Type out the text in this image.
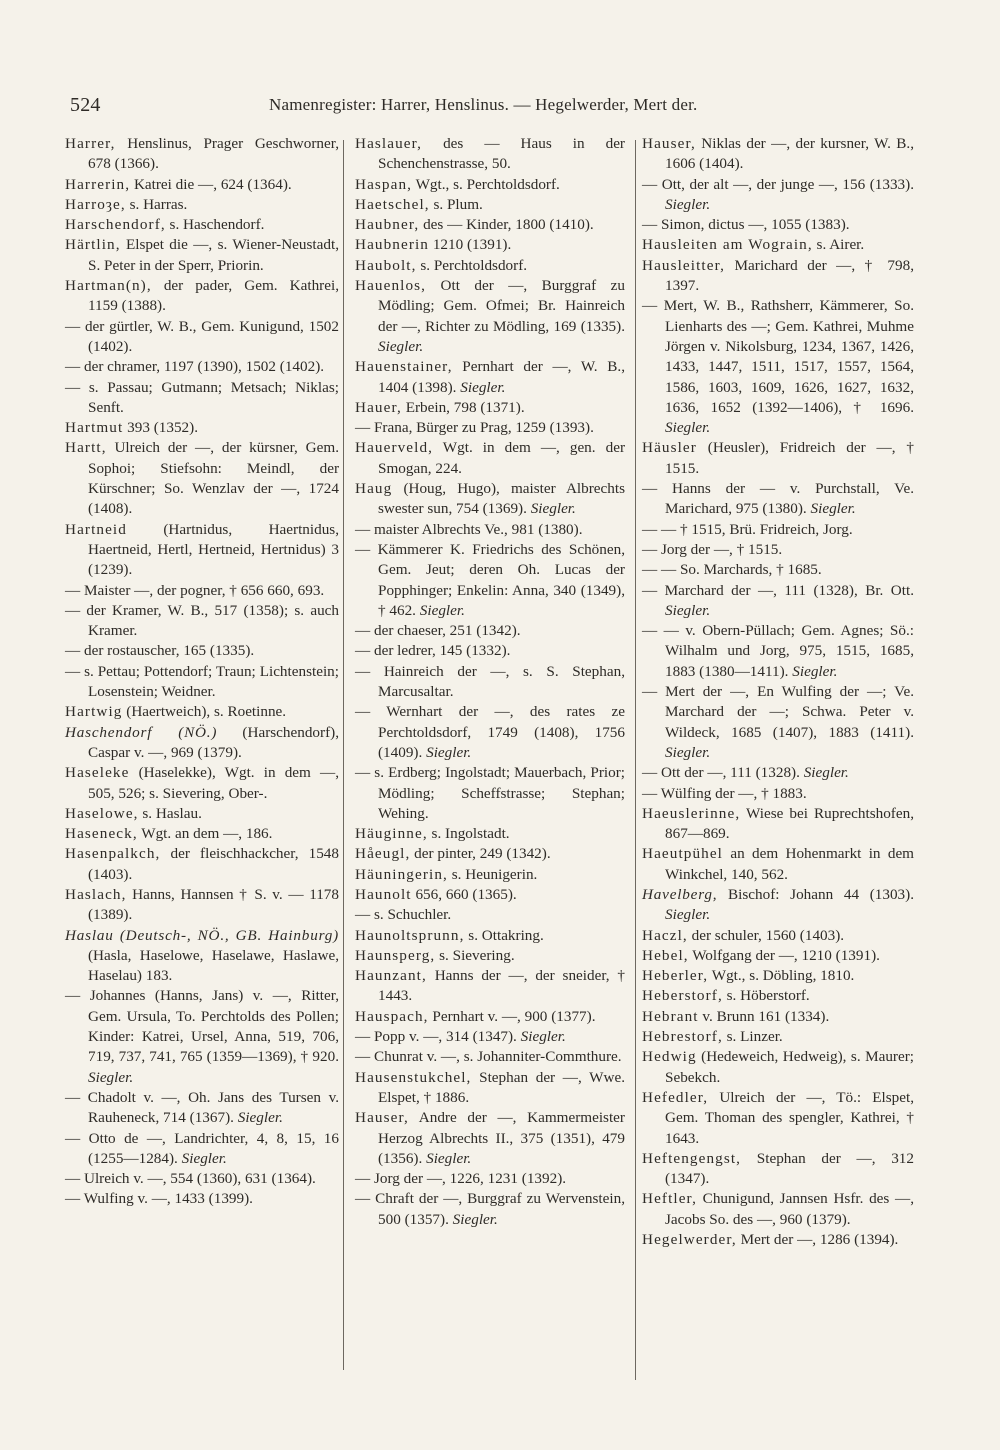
524	Namenregister: Harrer, Henslinus. — Hegelwerder, Mert der.

Harrer, Henslinus, Prager Geschworner, 678 (1366).

Harrerin, Katrei die —, 624 (1364).

Harroȝe, s. Harras.

Harschendorf, s. Haschendorf.

Härtlin, Elspet die —, s. Wiener-Neustadt, S. Peter in der Sperr, Priorin.

Hartman(n), der pader, Gem. Kathrei, 1159 (1388).

— der gürtler, W. B., Gem. Kunigund, 1502 (1402).

— der chramer, 1197 (1390), 1502 (1402).

— s. Passau; Gutmann; Metsach; Niklas; Senft.

Hartmut 393 (1352).

Hartt, Ulreich der —, der kürsner, Gem. Sophoi; Stiefsohn: Meindl, der Kürschner; So. Wenzlav der —, 1724 (1408).

Hartneid (Hartnidus, Haertnidus, Haertneid, Hertl, Hertneid, Hertnidus) 3 (1239).

— Maister —, der pogner, † 656 660, 693.

— der Kramer, W. B., 517 (1358); s. auch Kramer.

— der rostauscher, 165 (1335).

— s. Pettau; Pottendorf; Traun; Lichtenstein; Losenstein; Weidner.

Hartwig (Haertweich), s. Roetinne.

Haschendorf (NÖ.) (Harschendorf), Caspar v. —, 969 (1379).

Haseleke (Haselekke), Wgt. in dem —, 505, 526; s. Sievering, Ober-.

Haselowe, s. Haslau.

Haseneck, Wgt. an dem —, 186.

Hasenpalkch, der fleischhackcher, 1548 (1403).

Haslach, Hanns, Hannsen † S. v. — 1178 (1389).

Haslau (Deutsch-, NÖ., GB. Hainburg) (Hasla, Haselowe, Haselawe, Haslawe, Haselau) 183.

— Johannes (Hanns, Jans) v. —, Ritter, Gem. Ursula, To. Perchtolds des Pollen; Kinder: Katrei, Ursel, Anna, 519, 706, 719, 737, 741, 765 (1359—1369), † 920. Siegler.

— Chadolt v. —, Oh. Jans des Tursen v. Rauheneck, 714 (1367). Siegler.

— Otto de —, Landrichter, 4, 8, 15, 16 (1255—1284). Siegler.

— Ulreich v. —, 554 (1360), 631 (1364).

— Wulfing v. —, 1433 (1399).

Haslauer, des — Haus in der Schenchenstrasse, 50.

Haspan, Wgt., s. Perchtoldsdorf.

Haetschel, s. Plum.

Haubner, des — Kinder, 1800 (1410).

Haubnerin 1210 (1391).

Haubolt, s. Perchtoldsdorf.

Hauenlos, Ott der —, Burggraf zu Mödling; Gem. Ofmei; Br. Hainreich der —, Richter zu Mödling, 169 (1335). Siegler.

Hauenstainer, Pernhart der —, W. B., 1404 (1398). Siegler.

Hauer, Erbein, 798 (1371).

— Frana, Bürger zu Prag, 1259 (1393).

Hauerveld, Wgt. in dem —, gen. der Smogan, 224.

Haug (Houg, Hugo), maister Albrechts swester sun, 754 (1369). Siegler.

— maister Albrechts Ve., 981 (1380).

— Kämmerer K. Friedrichs des Schönen, Gem. Jeut; deren Oh. Lucas der Popphinger; Enkelin: Anna, 340 (1349), † 462. Siegler.

— der chaeser, 251 (1342).

— der ledrer, 145 (1332).

— Hainreich der —, s. S. Stephan, Marcusaltar.

— Wernhart der —, des rates ze Perchtoldsdorf, 1749 (1408), 1756 (1409). Siegler.

— s. Erdberg; Ingolstadt; Mauerbach, Prior; Mödling; Scheffstrasse; Stephan; Wehing.

Häuginne, s. Ingolstadt.

Håeugl, der pinter, 249 (1342).

Häuningerin, s. Heunigerin.

Haunolt 656, 660 (1365).

— s. Schuchler.

Haunoltsprunn, s. Ottakring.

Haunsperg, s. Sievering.

Haunzant, Hanns der —, der sneider, † 1443.

Hauspach, Pernhart v. —, 900 (1377).

— Popp v. —, 314 (1347). Siegler.

— Chunrat v. —, s. Johanniter-Commthure.

Hausenstukchel, Stephan der —, Wwe. Elspet, † 1886.

Hauser, Andre der —, Kammermeister Herzog Albrechts II., 375 (1351), 479 (1356). Siegler.

— Jorg der —, 1226, 1231 (1392).

— Chraft der —, Burggraf zu Wervenstein, 500 (1357). Siegler.

Hauser, Niklas der —, der kursner, W. B., 1606 (1404).

— Ott, der alt —, der junge —, 156 (1333). Siegler.

— Simon, dictus —, 1055 (1383).

Hausleiten am Wograin, s. Airer.

Hausleitter, Marichard der —, † 798, 1397.

— Mert, W. B., Rathsherr, Kämmerer, So. Lienharts des —; Gem. Kathrei, Muhme Jörgen v. Nikolsburg, 1234, 1367, 1426, 1433, 1447, 1511, 1517, 1557, 1564, 1586, 1603, 1609, 1626, 1627, 1632, 1636, 1652 (1392—1406), † 1696. Siegler.

Häusler (Heusler), Fridreich der —, † 1515.

— Hanns der — v. Purchstall, Ve. Marichard, 975 (1380). Siegler.

— — † 1515, Brü. Fridreich, Jorg.

— Jorg der —, † 1515.

— — So. Marchards, † 1685.

— Marchard der —, 111 (1328), Br. Ott. Siegler.

— — v. Obern-Püllach; Gem. Agnes; Sö.: Wilhalm und Jorg, 975, 1515, 1685, 1883 (1380—1411). Siegler.

— Mert der —, En Wulfing der —; Ve. Marchard der —; Schwa. Peter v. Wildeck, 1685 (1407), 1883 (1411). Siegler.

— Ott der —, 111 (1328). Siegler.

— Wülfing der —, † 1883.

Haeuslerinne, Wiese bei Ruprechtshofen, 867—869.

Haeutpühel an dem Hohenmarkt in dem Winkchel, 140, 562.

Havelberg, Bischof: Johann 44 (1303). Siegler.

Haczl, der schuler, 1560 (1403).

Hebel, Wolfgang der —, 1210 (1391).

Heberler, Wgt., s. Döbling, 1810.

Heberstorf, s. Höberstorf.

Hebrant v. Brunn 161 (1334).

Hebrestorf, s. Linzer.

Hedwig (Hedeweich, Hedweig), s. Maurer; Sebekch.

Hefedler, Ulreich der —, Tö.: Elspet, Gem. Thoman des spengler, Kathrei, † 1643.

Heftengengst, Stephan der —, 312 (1347).

Heftler, Chunigund, Jannsen Hsfr. des —, Jacobs So. des —, 960 (1379).

Hegelwerder, Mert der —, 1286 (1394).
